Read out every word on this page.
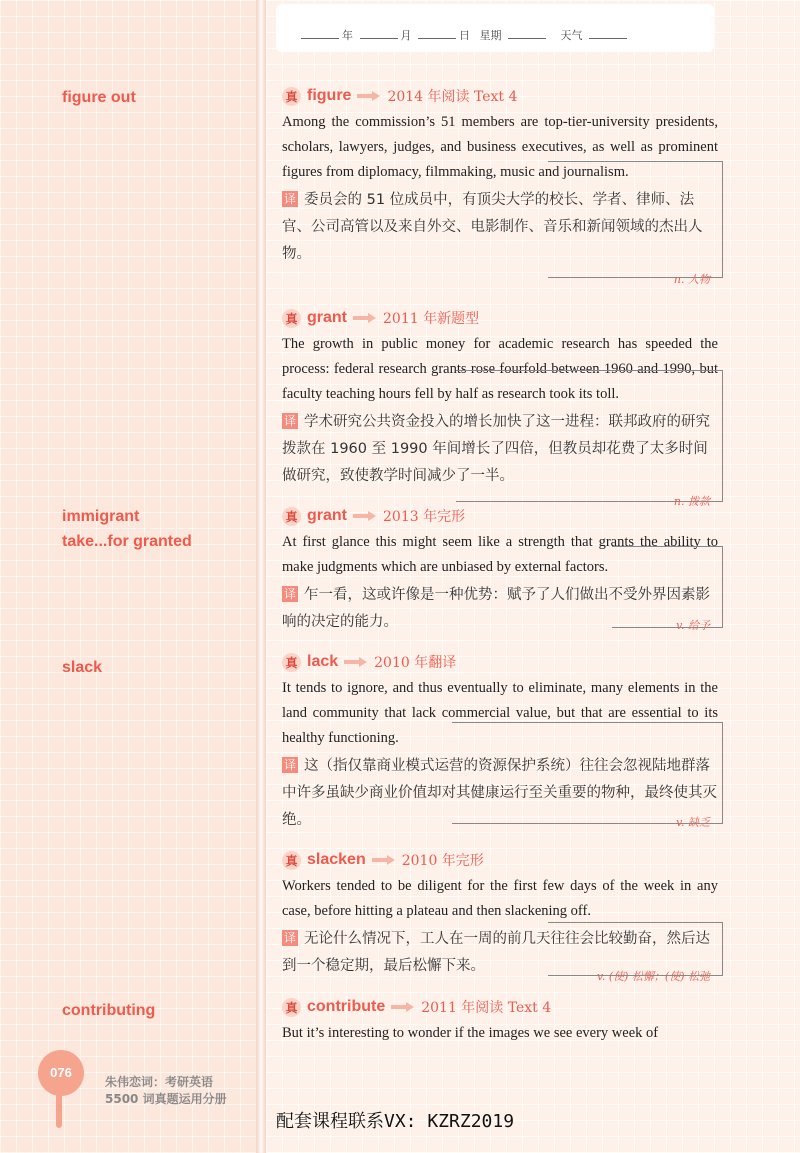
年	月	日 星期	天气
figure out
immigrant
take...for granted
slack
contributing
真 figure	2014 年阅读 Text 4
Among the commission’s 51 members are top-tier-university presidents, scholars, lawyers, judges, and business executives, as well as prominent figures from diplomacy, filmmaking, music and journalism.
译 委员会的 51 位成员中，有顶尖大学的校长、学者、律师、法官、公司高管以及来自外交、电影制作、音乐和新闻领域的杰出人物。
n. 人物
真 grant	2011 年新题型
The growth in public money for academic research has speeded the process: federal research grants rose fourfold between 1960 and 1990, but faculty teaching hours fell by half as research took its toll.
译 学术研究公共资金投入的增长加快了这一进程：联邦政府的研究拨款在 1960 至 1990 年间增长了四倍，但教员却花费了太多时间做研究，致使教学时间减少了一半。
n. 拨款
真 grant	2013 年完形
At first glance this might seem like a strength that grants the ability to make judgments which are unbiased by external factors.
译 乍一看，这或许像是一种优势：赋予了人们做出不受外界因素影响的决定的能力。	v. 给予
真 lack	2010 年翻译
It tends to ignore, and thus eventually to eliminate, many elements in the land community that lack commercial value, but that are essential to its healthy functioning.
译 这（指仅靠商业模式运营的资源保护系统）往往会忽视陆地群落中许多虽缺少商业价值却对其健康运行至关重要的物种，最终使其灭绝。	v. 缺乏
真 slacken	2010 年完形
Workers tended to be diligent for the first few days of the week in any case, before hitting a plateau and then slackening off.
译 无论什么情况下，工人在一周的前几天往往会比较勤奋，然后达到一个稳定期，最后松懈下来。
v. (使) 松懈；(使) 松弛
真 contribute	2011 年阅读 Text 4
But it’s interesting to wonder if the images we see every week of
076
朱伟恋词：考研英语
5500 词真题运用分册
配套课程联系VX: KZRZ2019
